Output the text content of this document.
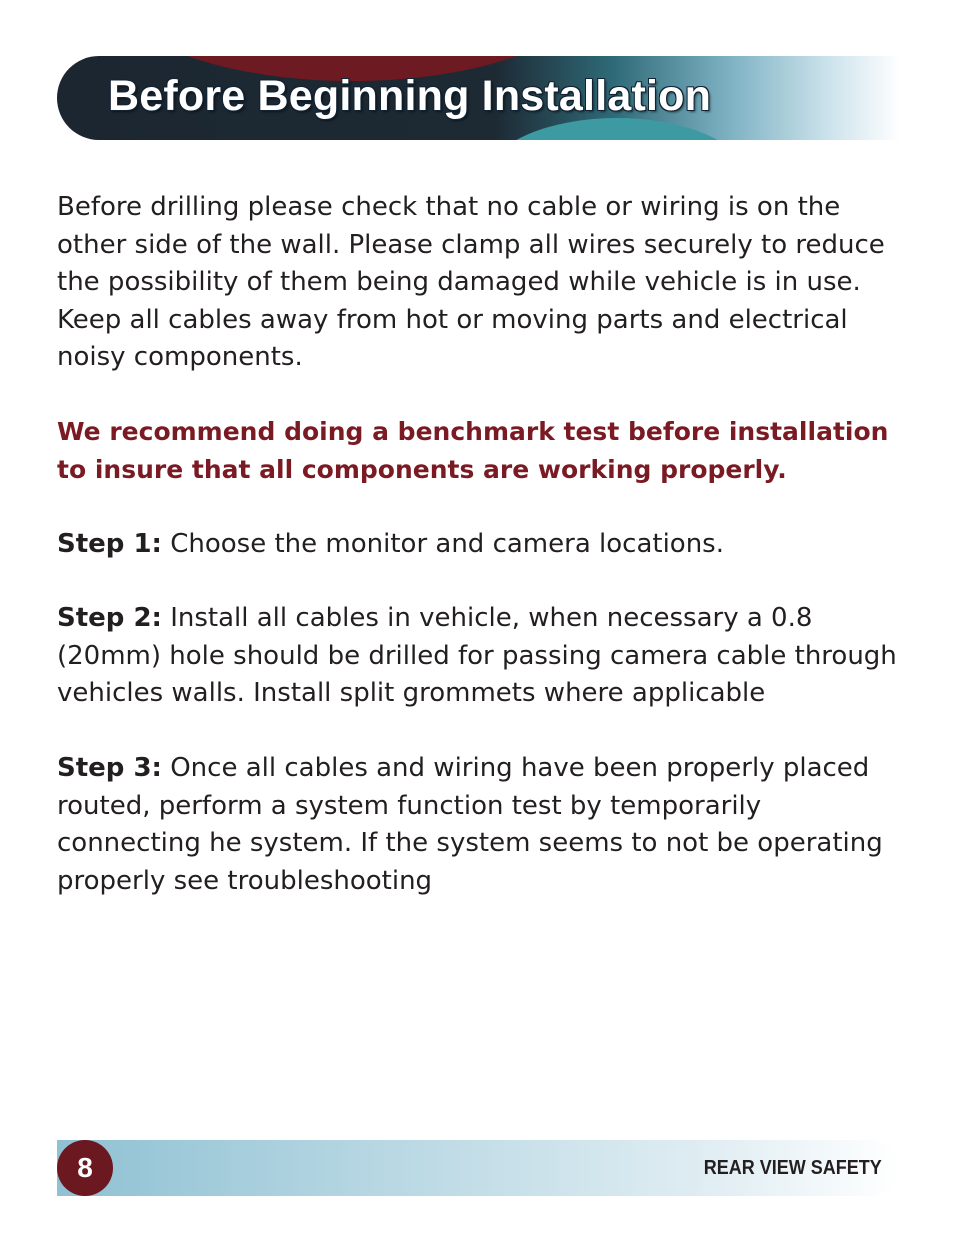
Before Beginning Installation

Before drilling please check that no cable or wiring is on the other side of the wall. Please clamp all wires securely to reduce the possibility of them being damaged while vehicle is in use. Keep all cables away from hot or moving parts and electrical noisy components.

We recommend doing a benchmark test before installation to insure that all components are working properly.

Step 1: Choose the monitor and camera locations.

Step 2: Install all cables in vehicle, when necessary a 0.8 (20mm) hole should be drilled for passing camera cable through vehicles walls. Install split grommets where applicable

Step 3: Once all cables and wiring have been properly placed routed, perform a system function test by temporarily connecting he system. If the system seems to not be operating properly see troubleshooting

8	REAR VIEW SAFETY
